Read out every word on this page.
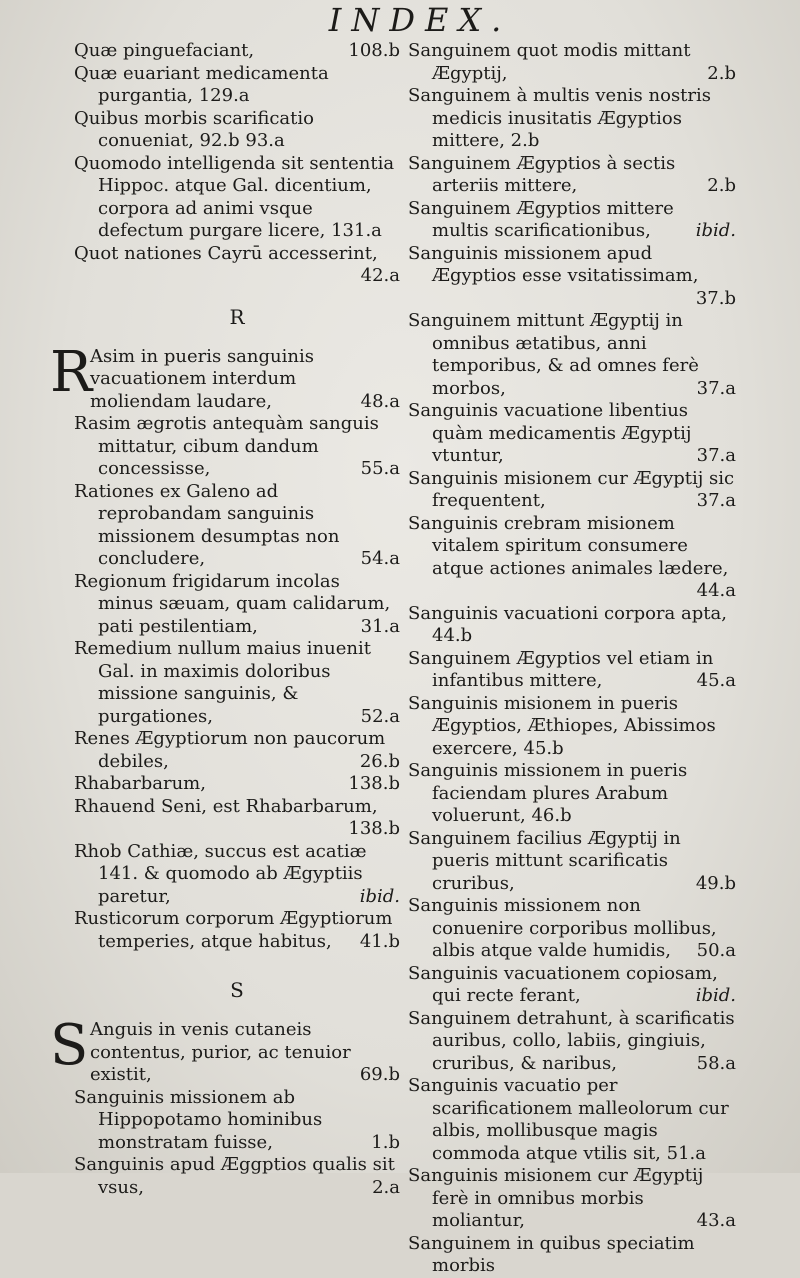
INDEX.

Quæ pinguefaciant,	108.b

Quæ euariant medicamenta purgantia, 129.a

Quibus morbis scarificatio conueniat, 92.b 93.a

Quomodo intelligenda sit sententia Hippoc. atque Gal. dicentium, corpora ad animi vsque defectum purgare licere, 131.a

Quot nationes Cayrū accesserint,
42.a

R

R
Asim in pueris sanguinis vacuationem interdum moliendam laudare,	48.a

Rasim ægrotis antequàm sanguis mittatur, cibum dandum concessisse,	55.a

Rationes ex Galeno ad reprobandam sanguinis missionem desumptas non concludere,	54.a

Regionum frigidarum incolas minus sæuam, quam calidarum, pati pestilentiam,	31.a

Remedium nullum maius inuenit Gal. in maximis doloribus missione sanguinis, & purgationes,	52.a

Renes Ægyptiorum non paucorum debiles,	26.b

Rhabarbarum,	138.b

Rhauend Seni, est Rhabarbarum,
138.b

Rhob Cathiæ, succus est acatiæ 141. & quomodo ab Ægyptiis paretur,	ibid.

Rusticorum corporum Ægyptiorum temperies, atque habitus,	41.b

S

S Anguis in venis cutaneis contentus, purior, ac tenuior existit,	69.b

Sanguinis missionem ab Hippopotamo hominibus monstratam fuisse,	1.b

Sanguinis apud Æggptios qualis sit vsus,	2.a

Sanguinem quot modis mittant Ægyptij,	2.b

Sanguinem à multis venis nostris medicis inusitatis Ægyptios mittere, 2.b

Sanguinem Ægyptios à sectis arteriis mittere,	2.b

Sanguinem Ægyptios mittere multis scarificationibus,	ibid.

Sanguinis missionem apud Ægyptios esse vsitatissimam,
37.b

Sanguinem mittunt Ægyptij in omnibus ætatibus, anni temporibus, & ad omnes ferè morbos,	37.a

Sanguinis vacuatione libentius quàm medicamentis Ægyptij vtuntur,	37.a

Sanguinis misionem cur Ægyptij sic frequentent,	37.a

Sanguinis crebram misionem vitalem spiritum consumere atque actiones animales lædere,
44.a

Sanguinis vacuationi corpora apta, 44.b

Sanguinem Ægyptios vel etiam in infantibus mittere,	45.a

Sanguinis misionem in pueris Ægyptios, Æthiopes, Abissimos exercere, 45.b

Sanguinis missionem in pueris faciendam plures Arabum voluerunt, 46.b

Sanguinem facilius Ægyptij in pueris mittunt scarificatis cruribus,	49.b

Sanguinis missionem non conuenire corporibus mollibus, albis atque valde humidis,	50.a

Sanguinis vacuationem copiosam, qui recte ferant,	ibid.

Sanguinem detrahunt, à scarificatis auribus, collo, labiis, gingiuis, cruribus, & naribus,	58.a

Sanguinis vacuatio per scarificationem malleolorum cur albis, mollibusque magis commoda atque vtilis sit, 51.a

Sanguinis misionem cur Ægyptij ferè in omnibus morbis moliantur,	43.a

Sanguinem in quibus speciatim morbis
